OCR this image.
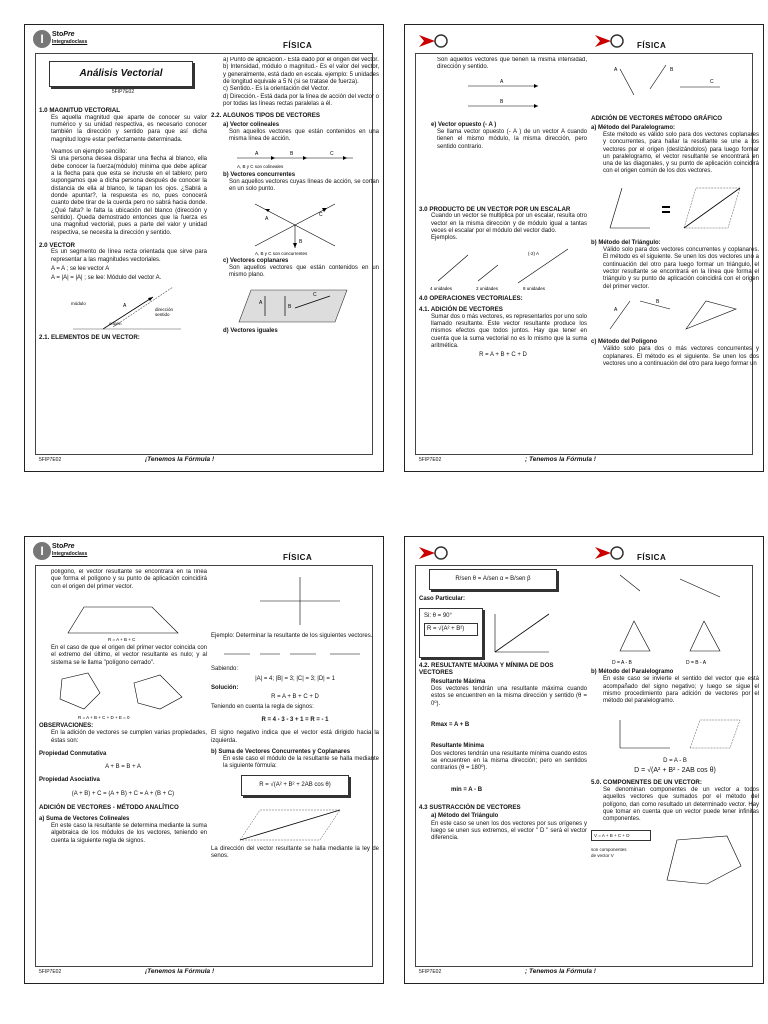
I	StoPre
Integradoclass	FÍSICA
Análisis Vectorial
5FIP7E02
1.0 MAGNITUD VECTORIAL

Es aquella magnitud que aparte de conocer su valor numérico y su unidad respectiva, es necesario conocer también la dirección y sentido para que así dicha magnitud logre estar perfectamente determinada.

Veamos un ejemplo sencillo:

Si una persona desea disparar una flecha al blanco, ella debe conocer la fuerza(módulo) mínima que debe aplicar a la flecha para que esta se incruste en el tablero; pero supongamos que a dicha persona después de conocer la distancia de ella al blanco, le tapan los ojos. ¿Sabrá a donde apuntar?, la respuesta es no, pues conocerá cuanto debe tirar de la cuerda pero no sabrá hacia donde. ¿Qué falta? le falta la ubicación del blanco (dirección y sentido). Queda demostrado entonces que la fuerza es una magnitud vectorial, pues a parte del valor y unidad respectiva, se necesita la dirección y sentido.

2.0 VECTOR

Es un segmento de línea recta orientada que sirve para representar a las magnitudes vectoriales.

A = A ; se lee vector A

A = |A| = |A| ; se lee: Módulo del vector A.

módulo
dirección
sentido
origen
A
2.1. ELEMENTOS DE UN VECTOR:

a) Punto de aplicación.- Está dado por el origen del vector.

b) Intensidad, módulo o magnitud.- Es el valor del vector, y generalmente, está dado en escala. ejemplo: 5 unidades de longitud equivale a 5 N (si se tratase de fuerza).

c) Sentido.- Es la orientación del Vector.

d) Dirección.- Está dada por la línea de acción del vector o por todas las líneas rectas paralelas a él.

2.2. ALGUNOS TIPOS DE VECTORES
a) Vector colineales

Son aquellos vectores que están contenidos en una misma línea de acción.

A	B	C
A, B y C son colineales
b) Vectores concurrentes

Son aquellos vectores cuyas líneas de acción, se cortan en un solo punto.

C
A
B
A, B y C son concurrentes
c) Vectores coplanares

Son aquellos vectores que están contenidos en un mismo plano.

A
B
C
d) Vectores iguales
5FIP7E02	¡Tenemos la Fórmula !
FÍSICA

Son aquellos vectores que tienen la misma intensidad, dirección y sentido.

A
B
e) Vector opuesto (- A )

Se llama vector opuesto (- A ) de un vector A cuando tienen el mismo módulo, la misma dirección, pero sentido contrario.

3.0 PRODUCTO DE UN VECTOR POR UN ESCALAR

Cuando un vector se multiplica por un escalar, resulta otro vector en la misma dirección y de módulo igual a tantas veces el escalar por el módulo del vector dado.

Ejemplos.

(-2) A
4 unidades	2 unidades	8 unidades
4.0 OPERACIONES VECTORIALES:
4.1. ADICIÓN DE VECTORES

Sumar dos o más vectores, es representarlos por uno solo llamado resultante. Este vector resultante produce los mismos efectos que todos juntos. Hay que tener en cuenta que la suma vectorial no es lo mismo que la suma aritmética.

R = A + B + C + D
A	B
C
ADICIÓN DE VECTORES MÉTODO GRÁFICO
a) Método del Paralelogramo:

Este método es válido solo para dos vectores coplanares y concurrentes, para hallar la resultante se une a los vectores por el origen (deslizándolos) para luego formar un paralelogramo, el vector resultante se encontrará en una de las diagonales, y su punto de aplicación coincidirá con el origen común de los dos vectores.

b) Método del Triángulo:

Válido solo para dos vectores concurrentes y coplanares. El método es el siguiente. Se unen los dos vectores uno a continuación del otro para luego formar un triángulo, el vector resultante se encontrará en la línea que forma el triángulo y su punto de aplicación coincidirá con el origen del primer vector.

A
B
c) Método del Polígono

Válido solo para dos o más vectores concurrentes y coplanares. El método es el siguiente. Se unen los dos vectores uno a continuación del otro para luego formar un

5FIP7E02	; Tenemos la Fórmula !
I	StoPre
Integradoclass	FÍSICA

polígono, el vector resultante se encontrará en la línea que forma el polígono y su punto de aplicación coincidirá con el origen del primer vector.

R = A + B + C

En el caso de que el origen del primer vector coincida con el extremo del último, el vector resultante es nulo; y al sistema se le llama "polígono cerrado".

R = A + B + C + D + E = 0
OBSERVACIONES:

En la adición de vectores se cumplen varias propiedades, éstas son:

Propiedad Conmutativa
A + B = B + A
Propiedad Asociativa
(A + B) + C = (A + B) + C = A + (B + C)
ADICIÓN DE VECTORES - MÉTODO ANALÍTICO
a) Suma de Vectores Colineales

En este caso la resultante se determina mediante la suma algebraica de los módulos de los vectores, teniendo en cuenta la siguiente regla de signos.

Ejemplo: Determinar la resultante de los siguientes vectores.

Sabiendo:

|A| = 4; |B| = 3; |C| = 3; |D| = 1
Solución:
R = A + B + C + D

Teniendo en cuenta la regla de signos:

R = 4 - 3 - 3 + 1 = R = - 1

El signo negativo indica que el vector está dirigido hacia la izquierda.

b) Suma de Vectores Concurrentes y Coplanares

En este caso el módulo de la resultante se halla mediante la siguiente fórmula:

R = √(A² + B² + 2AB cos θ)

La dirección del vector resultante se halla mediante la ley de senos.

5FIP7E02	¡Tenemos la Fórmula !
FÍSICA
R/sen θ = A/sen α = B/sen β
Caso Particular:
Si: θ = 90°
R = √(A² + B²)
4.2. RESULTANTE MÁXIMA Y MÍNIMA DE DOS VECTORES
Resultante Máxima

Dos vectores tendrán una resultante máxima cuando estos se encuentren en la misma dirección y sentido (θ = 0º).

Rmax = A + B
Resultante Mínima

Dos vectores tendrán una resultante mínima cuando estos se encuentren en la misma dirección; pero en sentidos contrarios (θ = 180º).

min = A - B
4.3 SUSTRACCIÓN DE VECTORES
a) Método del Triángulo

En este caso se unen los dos vectores por sus orígenes y luego se unen sus extremos, el vector " D " será el vector diferencia.

D = A - B	D = B - A
b) Método del Paralelogramo

En este caso se invierte el sentido del vector que está acompañado del signo negativo; y luego se sigue el mismo procedimiento para adición de vectores por el método del paralelogramo.

D = A - B
D = √(A² + B² - 2AB cos θ)
5.0. COMPONENTES DE UN VECTOR:

Se denominan componentes de un vector a todos aquellos vectores que sumados por el método del polígono, dan como resultado un determinado vector. Hay que tomar en cuenta que un vector puede tener infinitas componentes.

V = A + B + C + D
son componentes
de vector V
5FIP7E02	; Tenemos la Fórmula !
